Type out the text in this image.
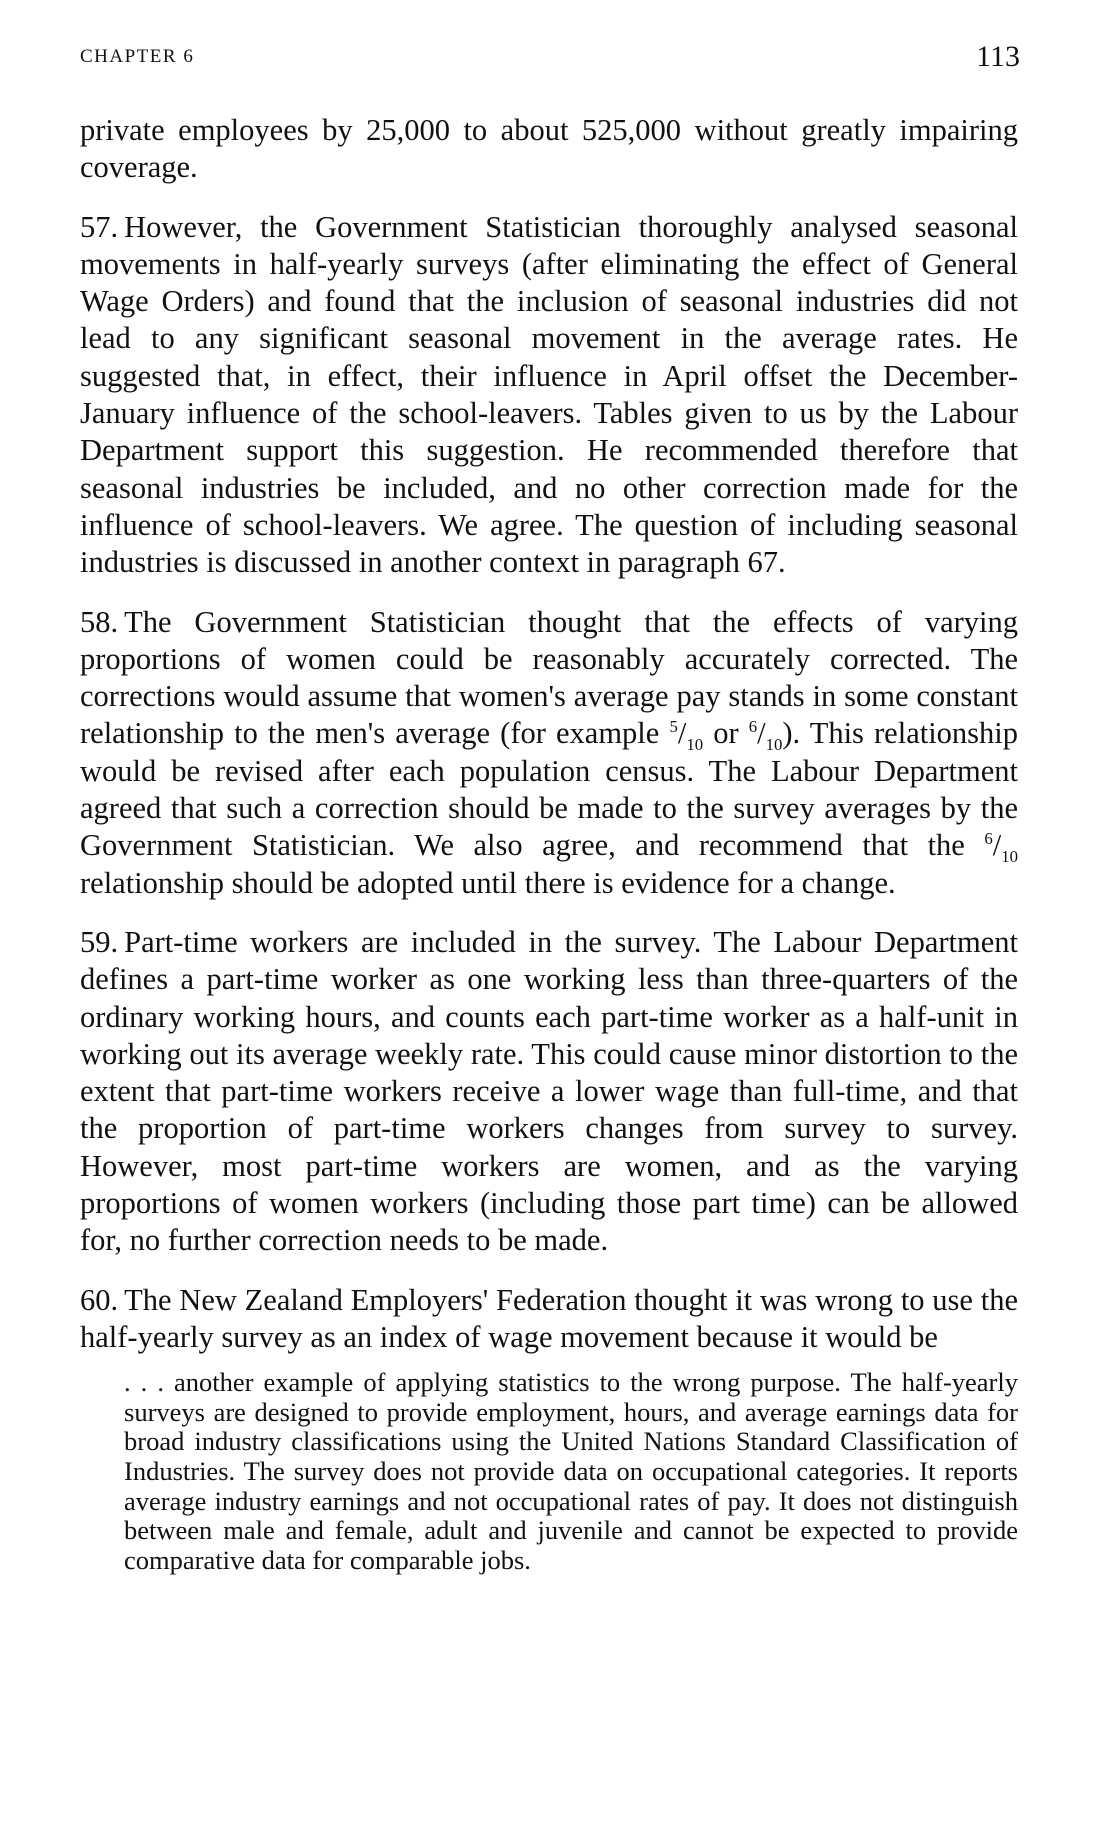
CHAPTER 6	113

private employees by 25,000 to about 525,000 without greatly impairing coverage.

57. However, the Government Statistician thoroughly analysed seasonal movements in half-yearly surveys (after eliminating the effect of General Wage Orders) and found that the inclusion of seasonal industries did not lead to any significant seasonal movement in the average rates. He suggested that, in effect, their influence in April offset the December-January influence of the school-leavers. Tables given to us by the Labour Department support this suggestion. He recommended therefore that seasonal industries be included, and no other correction made for the influence of school-leavers. We agree. The question of including seasonal industries is discussed in another context in paragraph 67.

58. The Government Statistician thought that the effects of varying proportions of women could be reasonably accurately corrected. The corrections would assume that women's average pay stands in some constant relationship to the men's average (for example $^5/_{10}$ or $^6/_{10}$). This relationship would be revised after each population census. The Labour Department agreed that such a correction should be made to the survey averages by the Government Statistician. We also agree, and recommend that the $^6/_{10}$ relationship should be adopted until there is evidence for a change.

59. Part-time workers are included in the survey. The Labour Department defines a part-time worker as one working less than three-quarters of the ordinary working hours, and counts each part-time worker as a half-unit in working out its average weekly rate. This could cause minor distortion to the extent that part-time workers receive a lower wage than full-time, and that the proportion of part-time workers changes from survey to survey. However, most part-time workers are women, and as the varying proportions of women workers (including those part time) can be allowed for, no further correction needs to be made.

60. The New Zealand Employers' Federation thought it was wrong to use the half-yearly survey as an index of wage movement because it would be

. . . another example of applying statistics to the wrong purpose. The half-yearly surveys are designed to provide employment, hours, and average earnings data for broad industry classifications using the United Nations Standard Classification of Industries. The survey does not provide data on occupational categories. It reports average industry earnings and not occupational rates of pay. It does not distinguish between male and female, adult and juvenile and cannot be expected to provide comparative data for comparable jobs.
